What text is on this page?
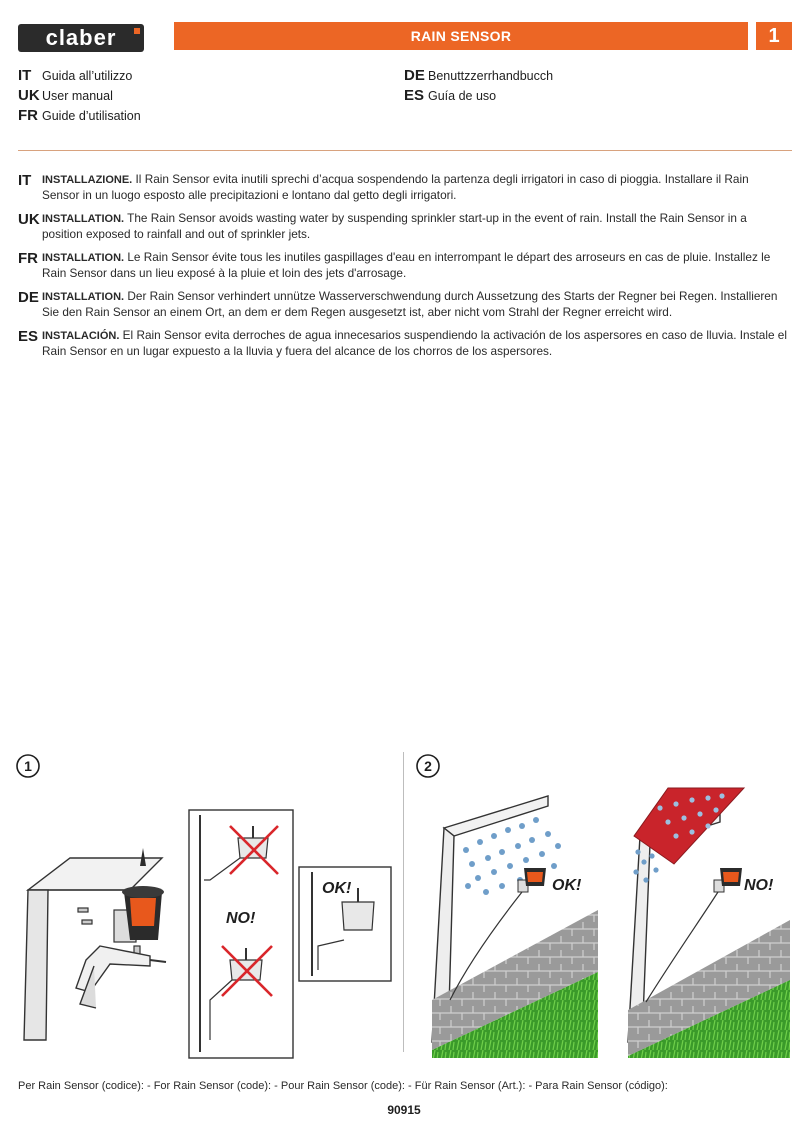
claber	RAIN SENSOR	1
IT Guida all’utilizzo
UK User manual
FR Guide d’utilisation
DE Benuttzzerrhandbucch
ES Guía de uso
IT INSTALLAZIONE. Il Rain Sensor evita inutili sprechi d’acqua sospendendo la partenza degli irrigatori in caso di pioggia. Installare il Rain Sensor in un luogo esposto alle precipitazioni e lontano dal getto degli irrigatori.
UK INSTALLATION. The Rain Sensor avoids wasting water by suspending sprinkler start-up in the event of rain. Install the Rain Sensor in a position exposed to rainfall and out of sprinkler jets.
FR INSTALLATION. Le Rain Sensor évite tous les inutiles gaspillages d'eau en interrompant le départ des arroseurs en cas de pluie. Installez le Rain Sensor dans un lieu exposé à la pluie et loin des jets d'arrosage.
DE INSTALLATION. Der Rain Sensor verhindert unnütze Wasserverschwendung durch Aussetzung des Starts der Regner bei Regen. Installieren Sie den Rain Sensor an einem Ort, an dem er dem Regen ausgesetzt ist, aber nicht vom Strahl der Regner erreicht wird.
ES INSTALACIÓN. El Rain Sensor evita derroches de agua innecesarios suspendiendo la activación de los aspersores en caso de lluvia. Instale el Rain Sensor en un lugar expuesto a la lluvia y fuera del alcance de los chorros de los aspersores.
1	2
NO!
OK!	OK!	NO!
Per Rain Sensor (codice): - For Rain Sensor (code): - Pour Rain Sensor (code): - Für Rain Sensor (Art.): - Para Rain Sensor (código):
90915
